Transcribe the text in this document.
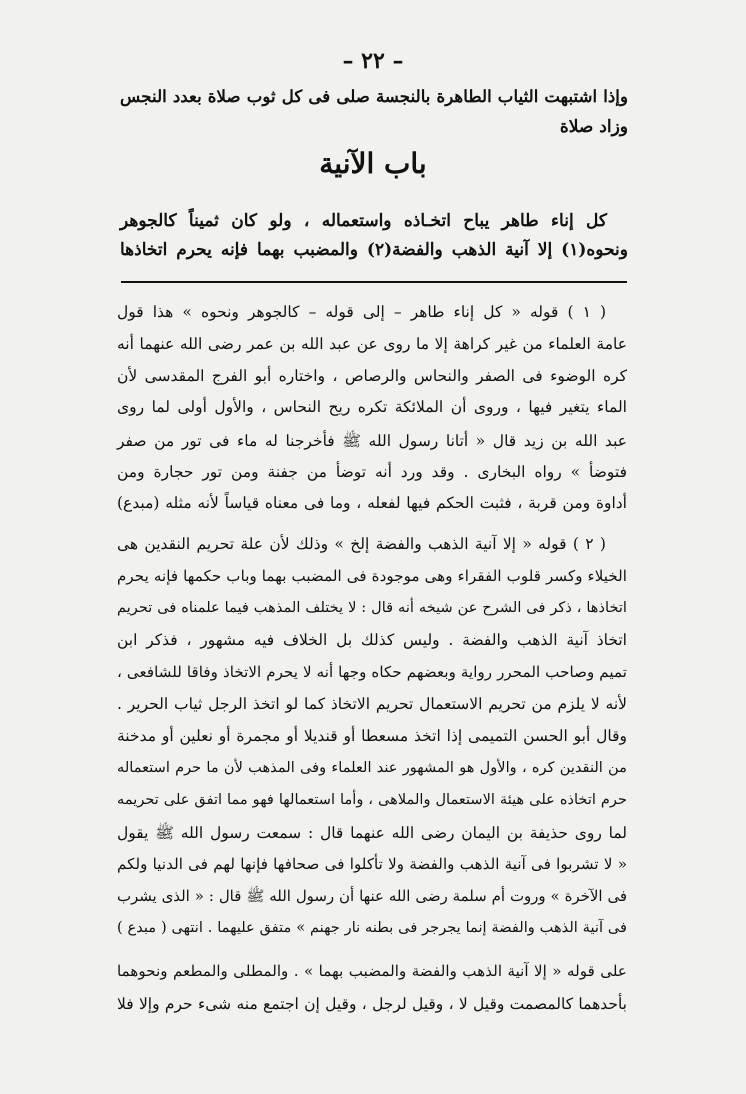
– ٢٢ –
وإذا اشتبهت الثياب الطاهرة بالنجسة صلى فى كل ثوب صلاة بعدد النجس
وزاد صلاة
باب الآنية
كل إناء طاهر يباح اتخـاذه واستعماله ، ولو كان ثميناً كالجوهر
ونحوه(١) إلا آنية الذهب والفضة(٢) والمضبب بهما فإنه يحرم اتخاذها
( ١ ) قوله « كل إناء طاهر – إلى قوله – كالجوهر ونحوه » هذا قول
عامة العلماء من غير كراهة إلا ما روى عن عبد الله بن عمر رضى الله عنهما أنه
كره الوضوء فى الصفر والنحاس والرصاص ، واختاره أبو الفرج المقدسى لأن
الماء يتغير فيها ، وروى أن الملائكة تكره ريح النحاس ، والأول أولى لما روى
عبد الله بن زيد قال « أتانا رسول الله ﷺ فأخرجنا له ماء فى تور من صفر
فتوضأ » رواه البخارى . وقد ورد أنه توضأ من جفنة ومن تور حجارة ومن
أداوة ومن قربة ، فثبت الحكم فيها لفعله ، وما فى معناه قياساً لأنه مثله (مبدع)
( ٢ ) قوله « إلا آنية الذهب والفضة إلخ » وذلك لأن علة تحريم النقدين هى
الخيلاء وكسر قلوب الفقراء وهى موجودة فى المضبب بهما وباب حكمها فإنه يحرم
اتخاذها ، ذكر فى الشرح عن شيخه أنه قال : لا يختلف المذهب فيما علمناه فى تحريم
اتخاذ آنية الذهب والفضة . وليس كذلك بل الخلاف فيه مشهور ، فذكر ابن
تميم وصاحب المحرر رواية وبعضهم حكاه وجها أنه لا يحرم الاتخاذ وفاقا للشافعى ،
لأنه لا يلزم من تحريم الاستعمال تحريم الاتخاذ كما لو اتخذ الرجل ثياب الحرير .
وقال أبو الحسن التميمى إذا اتخذ مسعطا أو قنديلا أو مجمرة أو نعلين أو مدخنة
من النقدين كره ، والأول هو المشهور عند العلماء وفى المذهب لأن ما حرم استعماله
حرم اتخاذه على هيئة الاستعمال والملاهى ، وأما استعمالها فهو مما اتفق على تحريمه
لما روى حذيفة بن اليمان رضى الله عنهما قال : سمعت رسول الله ﷺ يقول
« لا تشربوا فى آنية الذهب والفضة ولا تأكلوا فى صحافها فإنها لهم فى الدنيا ولكم
فى الآخرة » وروت أم سلمة رضى الله عنها أن رسول الله ﷺ قال : « الذى يشرب
فى آنية الذهب والفضة إنما يجرجر فى بطنه نار جهنم » متفق عليهما . انتهى ( مبدع )
على قوله « إلا آنية الذهب والفضة والمضبب بهما » . والمطلى والمطعم ونحوهما
بأحدهما كالمصمت وقيل لا ، وقيل لرجل ، وقيل إن اجتمع منه شىء حرم وإلا فلا
